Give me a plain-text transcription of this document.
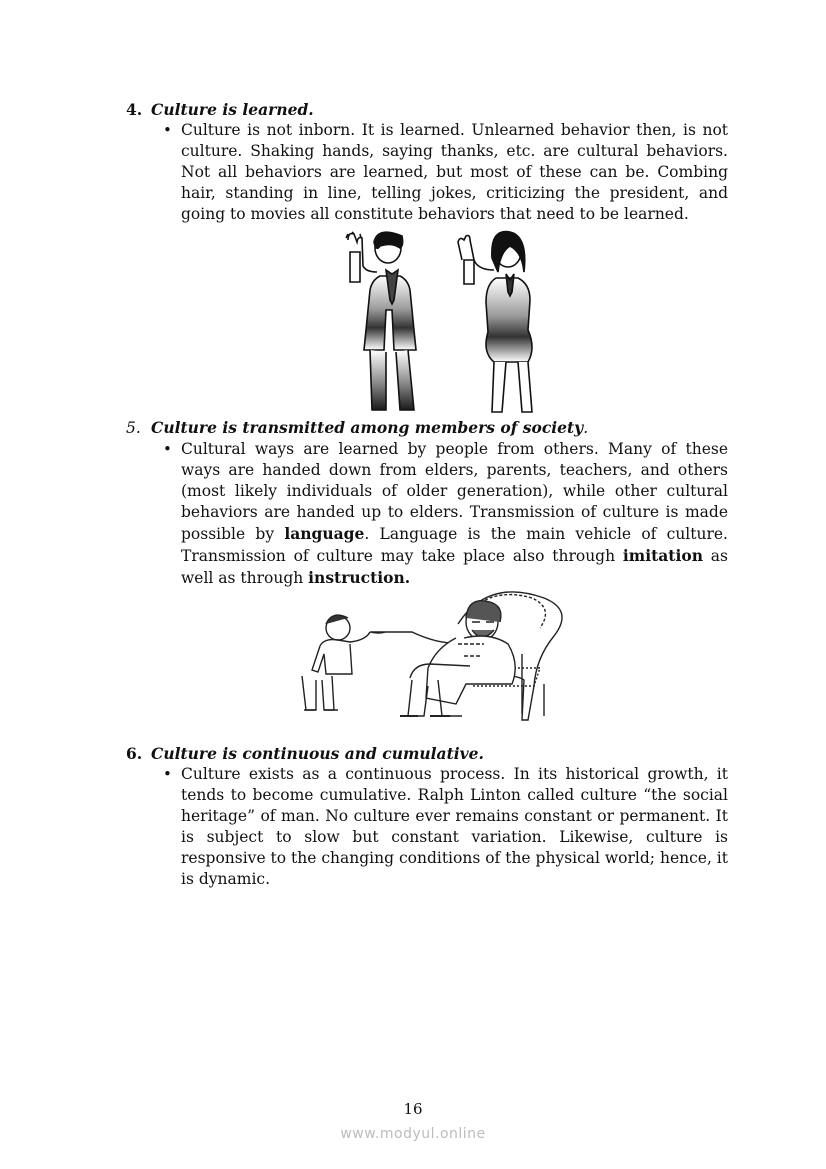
4. Culture is learned.
• Culture is not inborn. It is learned. Unlearned behavior then, is not culture. Shaking hands, saying thanks, etc. are cultural behaviors. Not all behaviors are learned, but most of these can be. Combing hair, standing in line, telling jokes, criticizing the president, and going to movies all constitute behaviors that need to be learned.
5. Culture is transmitted among members of society.
• Cultural ways are learned by people from others. Many of these ways are handed down from elders, parents, teachers, and others (most likely individuals of older generation), while other cultural behaviors are handed up to elders. Transmission of culture is made possible by language. Language is the main vehicle of culture. Transmission of culture may take place also through imitation as well as through instruction.
6. Culture is continuous and cumulative.
• Culture exists as a continuous process. In its historical growth, it tends to become cumulative. Ralph Linton called culture “the social heritage” of man. No culture ever remains constant or permanent. It is subject to slow but constant variation. Likewise, culture is responsive to the changing conditions of the physical world; hence, it is dynamic.
16
www.modyul.online
